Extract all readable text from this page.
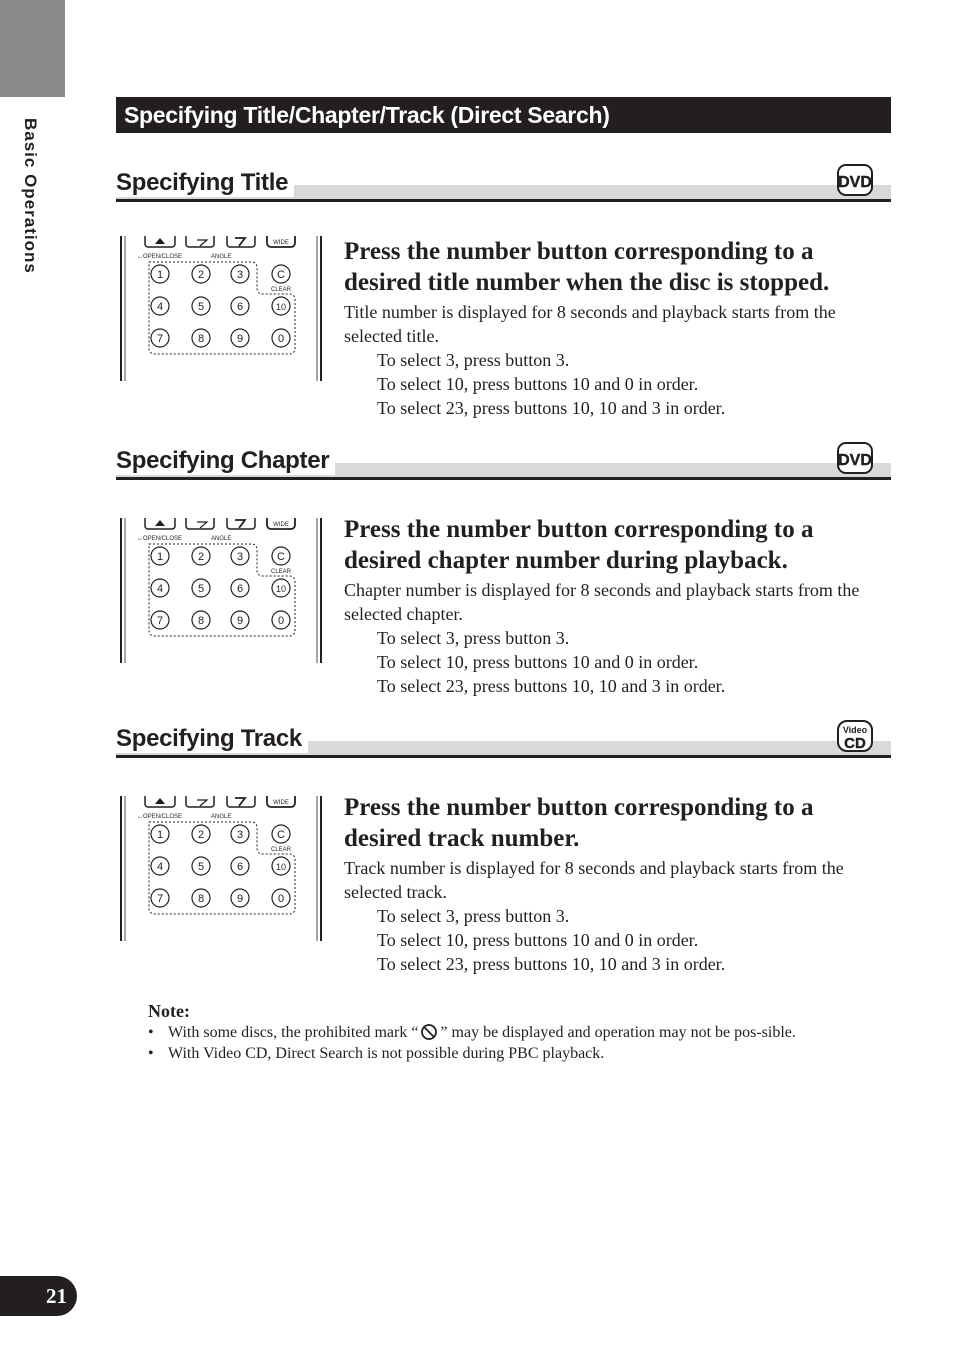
Basic Operations
Specifying Title/Chapter/Track (Direct Search)
Specifying Title	DVD
WIDE
↔OPEN/CLOSE	ANGLE
1	2	3
4	5	6	10
7	8	9	0
C
CLEAR

Press the number button corresponding to a desired title number when the disc is stopped.

Title number is displayed for 8 seconds and playback starts from the selected title.

To select 3, press button 3.

To select 10, press buttons 10 and 0 in order.

To select 23, press buttons 10, 10 and 3 in order.

Specifying Chapter	DVD
WIDE
↔OPEN/CLOSE	ANGLE
1	2	3
4	5	6	10
7	8	9	0
C
CLEAR

Press the number button corresponding to a desired chapter number during playback.

Chapter number is displayed for 8 seconds and playback starts from the selected chapter.

To select 3, press button 3.

To select 10, press buttons 10 and 0 in order.

To select 23, press buttons 10, 10 and 3 in order.

Specifying Track	Video
CD
WIDE
↔OPEN/CLOSE	ANGLE
1	2	3
4	5	6	10
7	8	9	0
C
CLEAR

Press the number button corresponding to a desired track number.

Track number is displayed for 8 seconds and playback starts from the selected track.

To select 3, press button 3.

To select 10, press buttons 10 and 0 in order.

To select 23, press buttons 10, 10 and 3 in order.

Note:
• With some discs, the prohibited mark “ ” may be displayed and operation may not be pos-sible.
• With Video CD, Direct Search is not possible during PBC playback.
21
